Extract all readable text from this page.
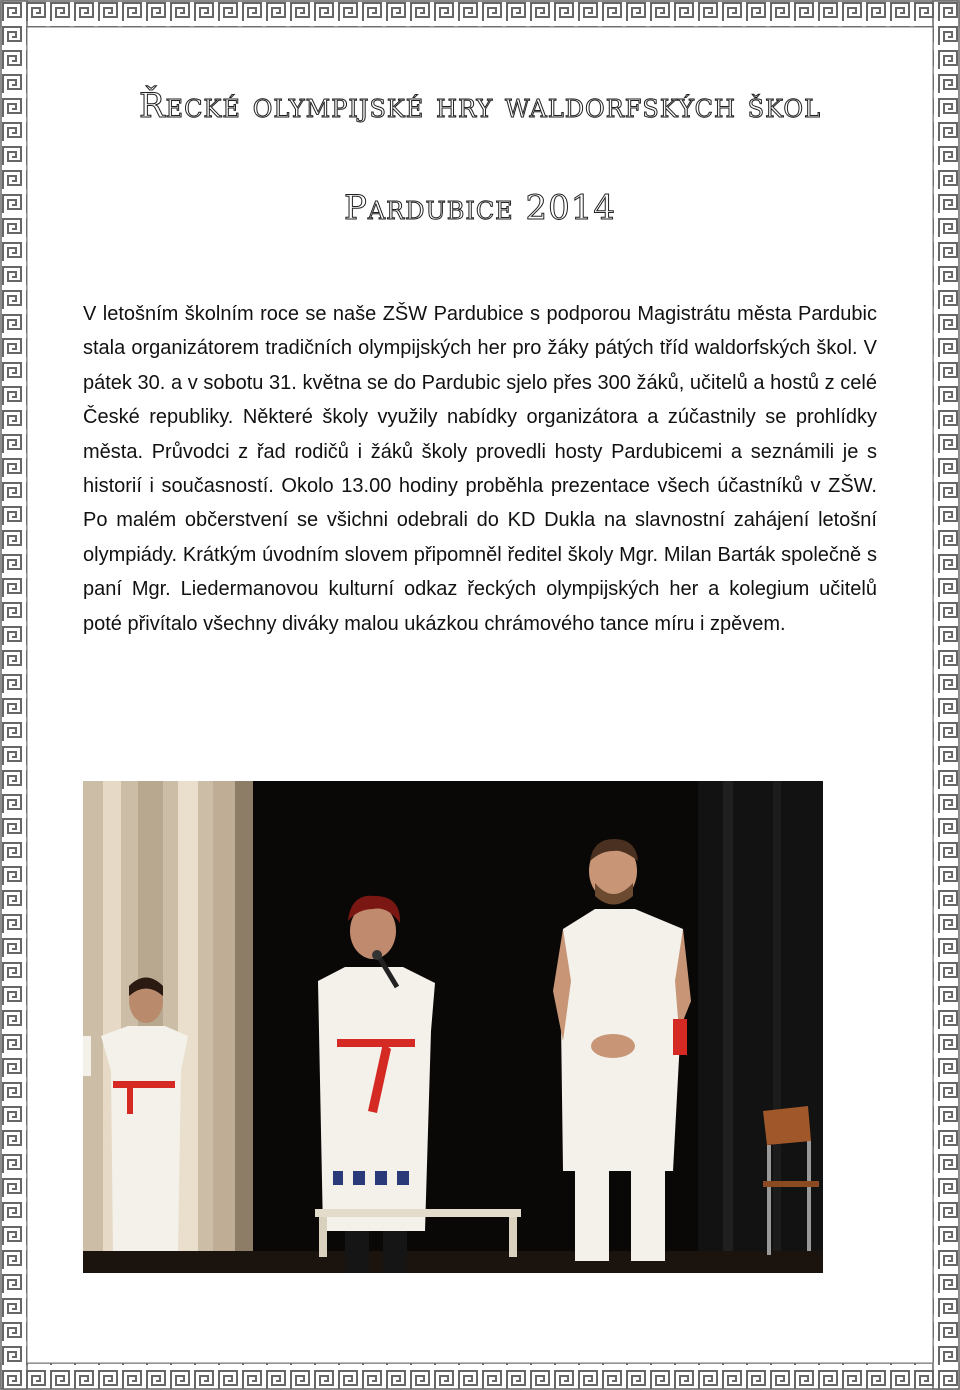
Řecké olympijské hry waldorfských škol
Pardubice 2014

V letošním školním roce se naše ZŠW Pardubice s podporou Magistrátu města Pardubic stala organizátorem tradičních olympijských her pro žáky pátých tříd waldorfských škol. V pátek 30. a v sobotu 31. května se do Pardubic sjelo přes 300 žáků, učitelů a hostů z celé České republiky. Některé školy využily nabídky organizátora a zúčastnily se prohlídky města. Průvodci z řad rodičů i žáků školy provedli hosty Pardubicemi a seznámili je s historií i současností. Okolo 13.00 hodiny proběhla prezentace všech účastníků v ZŠW. Po malém občerstvení se všichni odebrali do KD Dukla na slavnostní zahájení letošní olympiády. Krátkým úvodním slovem připomněl ředitel školy Mgr. Milan Barták společně s paní Mgr. Liedermanovou kulturní odkaz řeckých olympijských her a kolegium učitelů poté přivítalo všechny diváky malou ukázkou chrámového tance míru i zpěvem.
